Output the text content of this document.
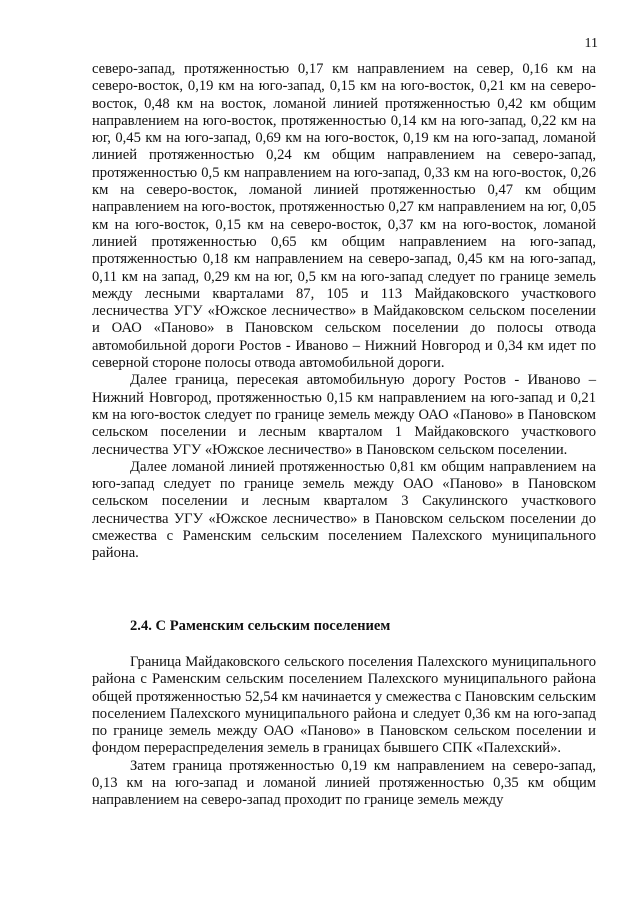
11

северо-запад, протяженностью 0,17 км направлением на север, 0,16 км на северо-восток, 0,19 км на юго-запад, 0,15 км на юго-восток, 0,21 км на северо-восток, 0,48 км на восток, ломаной линией протяженностью 0,42 км общим направлением на юго-восток, протяженностью 0,14 км на юго-запад, 0,22 км на юг, 0,45 км на юго-запад, 0,69 км на юго-восток, 0,19 км на юго-запад, ломаной линией протяженностью 0,24 км общим направлением на северо-запад, протяженностью 0,5 км направлением на юго-запад, 0,33 км на юго-восток, 0,26 км на северо-восток, ломаной линией протяженностью 0,47 км общим направлением на юго-восток, протяженностью 0,27 км направлением на юг, 0,05 км на юго-восток, 0,15 км на северо-восток, 0,37 км на юго-восток, ломаной линией протяженностью 0,65 км общим направлением на юго-запад, протяженностью 0,18 км направлением на северо-запад, 0,45 км на юго-запад, 0,11 км на запад, 0,29 км на юг, 0,5 км на юго-запад следует по границе земель между лесными кварталами 87, 105 и 113 Майдаковского участкового лесничества УГУ «Южское лесничество» в Майдаковском сельском поселении и ОАО «Паново» в Пановском сельском поселении до полосы отвода автомобильной дороги Ростов - Иваново – Нижний Новгород и 0,34 км идет по северной стороне полосы отвода автомобильной дороги.

Далее граница, пересекая автомобильную дорогу Ростов - Иваново – Нижний Новгород, протяженностью 0,15 км направлением на юго-запад и 0,21 км на юго-восток следует по границе земель между ОАО «Паново» в Пановском сельском поселении и лесным кварталом 1 Майдаковского участкового лесничества УГУ «Южское лесничество» в Пановском сельском поселении.

Далее ломаной линией протяженностью 0,81 км общим направлением на юго-запад следует по границе земель между ОАО «Паново» в Пановском сельском поселении и лесным кварталом 3 Сакулинского участкового лесничества УГУ «Южское лесничество» в Пановском сельском поселении до смежества с Раменским сельским поселением Палехского муниципального района.

2.4. С Раменским сельским поселением

Граница Майдаковского сельского поселения Палехского муниципального района с Раменским сельским поселением Палехского муниципального района общей протяженностью 52,54 км начинается у смежества с Пановским сельским поселением Палехского муниципального района и следует 0,36 км на юго-запад по границе земель между ОАО «Паново» в Пановском сельском поселении и фондом перераспределения земель в границах бывшего СПК «Палехский».

Затем граница протяженностью 0,19 км направлением на северо-запад, 0,13 км на юго-запад и ломаной линией протяженностью 0,35 км общим направлением на северо-запад проходит по границе земель между
